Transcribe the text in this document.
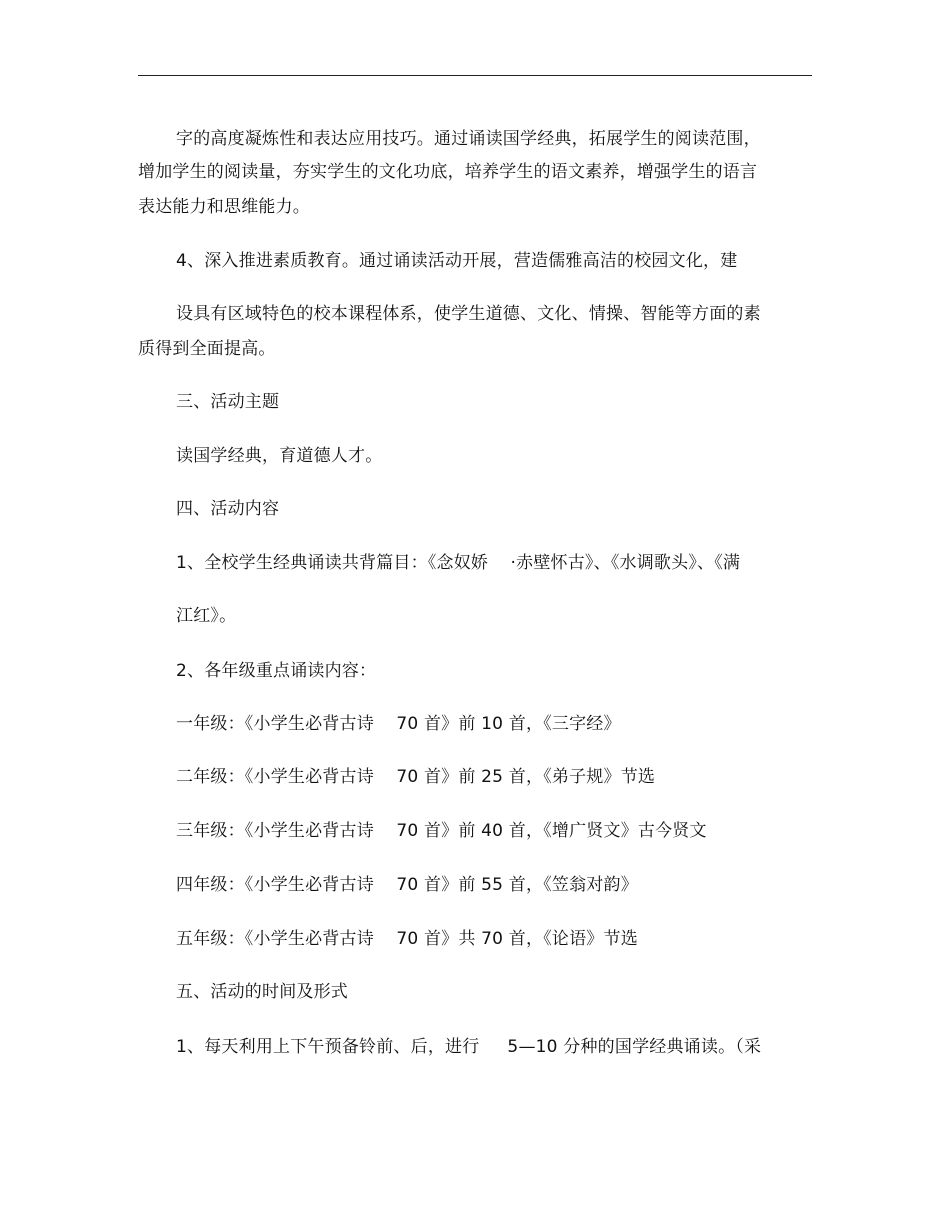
字的高度凝炼性和表达应用技巧。通过诵读国学经典，拓展学生的阅读范围，
增加学生的阅读量，夯实学生的文化功底，培养学生的语文素养，增强学生的语言
表达能力和思维能力。
4、深入推进素质教育。通过诵读活动开展，营造儒雅高洁的校园文化，建
设具有区域特色的校本课程体系，使学生道德、文化、情操、智能等方面的素
质得到全面提高。
三、活动主题
读国学经典，育道德人才。
四、活动内容
1、全校学生经典诵读共背篇目：《念奴娇    ·赤壁怀古》、《水调歌头》、《满
江红》。
2、各年级重点诵读内容：
一年级：《小学生必背古诗    70 首》前 10 首，《三字经》
二年级：《小学生必背古诗    70 首》前 25 首，《弟子规》节选
三年级：《小学生必背古诗    70 首》前 40 首，《增广贤文》古今贤文
四年级：《小学生必背古诗    70 首》前 55 首，《笠翁对韵》
五年级：《小学生必背古诗    70 首》共 70 首，《论语》节选
五、活动的时间及形式
1、每天利用上下午预备铃前、后，进行     5—10 分种的国学经典诵读。（采
